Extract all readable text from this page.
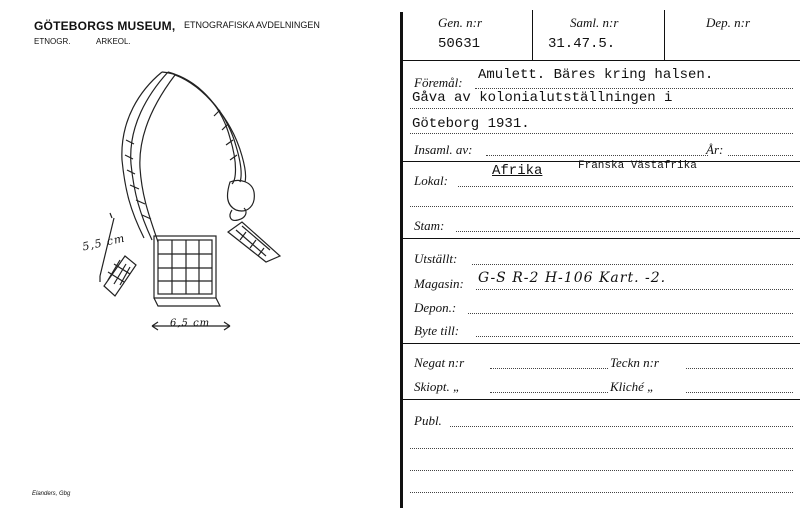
GÖTEBORGS MUSEUM, ETNOGRAFISKA AVDELNINGEN
ETNOGR.	ARKEOL.
5,5 cm
6,5 cm
Elanders, Gbg
Gen. n:r
50631
Saml. n:r
31.47.5.
Dep. n:r
Föremål: Amulett. Bäres kring halsen.
Gåva av kolonialutställningen i
Göteborg 1931.
Insaml. av:	År:
Lokal:
Afrika	Franska Västafrika
Stam:
Utställt:
Magasin: G-S R-2 H-106 Kart. -2.
Depon.:
Byte till:
Negat n:r	Teckn n:r
Skiopt. „	Kliché „
Publ.
